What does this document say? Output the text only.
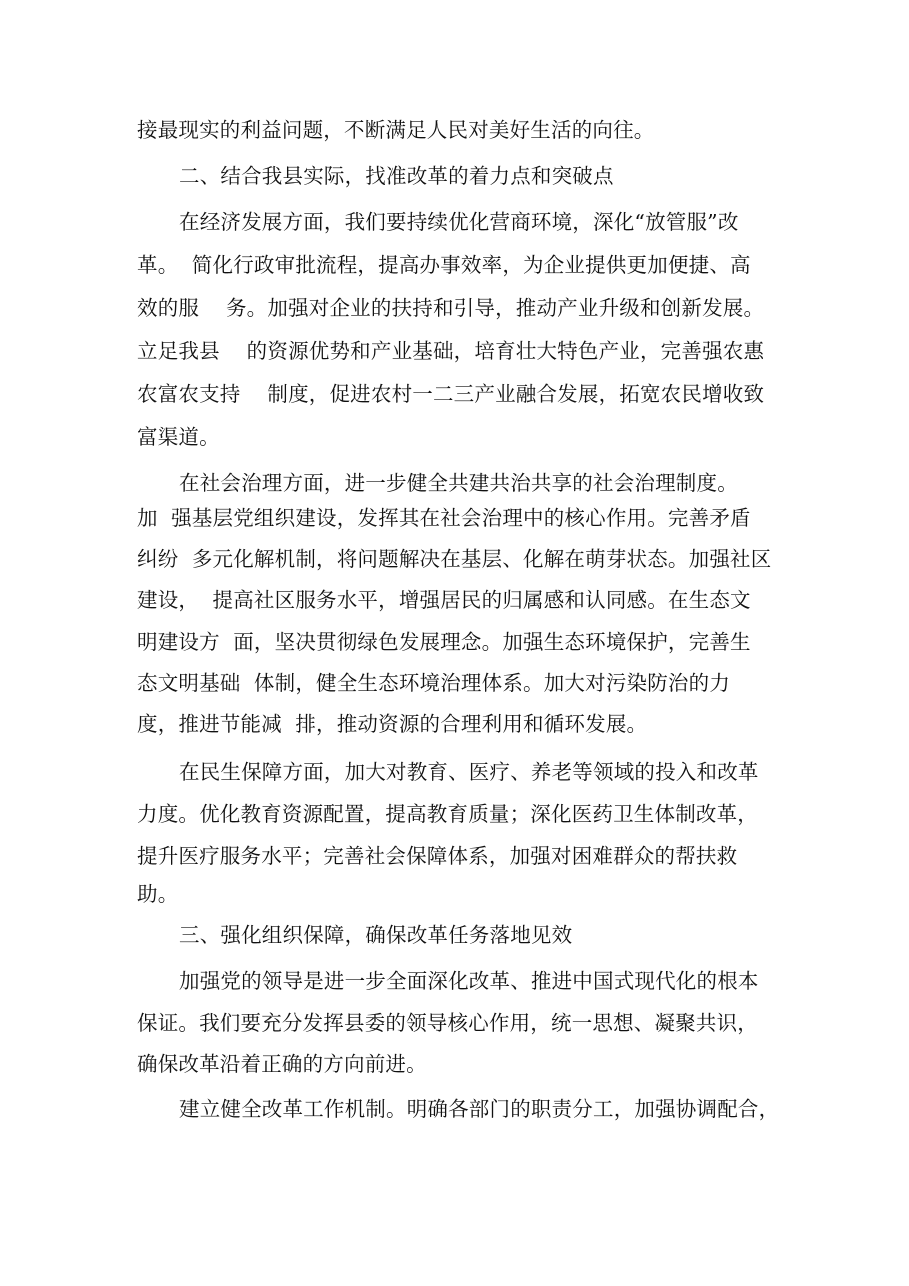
接最现实的利益问题，不断满足人民对美好生活的向往。
二、结合我县实际，找准改革的着力点和突破点
在经济发展方面，我们要持续优化营商环境，深化“放管服”改
革。  简化行政审批流程，提高办事效率，为企业提供更加便捷、高
效的服    务。加强对企业的扶持和引导，推动产业升级和创新发展。
立足我县    的资源优势和产业基础，培育壮大特色产业，完善强农惠
农富农支持    制度，促进农村一二三产业融合发展，拓宽农民增收致
富渠道。
在社会治理方面，进一步健全共建共治共享的社会治理制度。
加  强基层党组织建设，发挥其在社会治理中的核心作用。完善矛盾
纠纷  多元化解机制，将问题解决在基层、化解在萌芽状态。加强社区
建设，  提高社区服务水平，增强居民的归属感和认同感。在生态文
明建设方  面，坚决贯彻绿色发展理念。加强生态环境保护，完善生
态文明基础  体制，健全生态环境治理体系。加大对污染防治的力
度，推进节能减  排，推动资源的合理利用和循环发展。
在民生保障方面，加大对教育、医疗、养老等领域的投入和改革
力度。优化教育资源配置，提高教育质量；深化医药卫生体制改革，
提升医疗服务水平；完善社会保障体系，加强对困难群众的帮扶救
助。
三、强化组织保障，确保改革任务落地见效
加强党的领导是进一步全面深化改革、推进中国式现代化的根本
保证。我们要充分发挥县委的领导核心作用，统一思想、凝聚共识，
确保改革沿着正确的方向前进。
建立健全改革工作机制。明确各部门的职责分工，加强协调配合，
